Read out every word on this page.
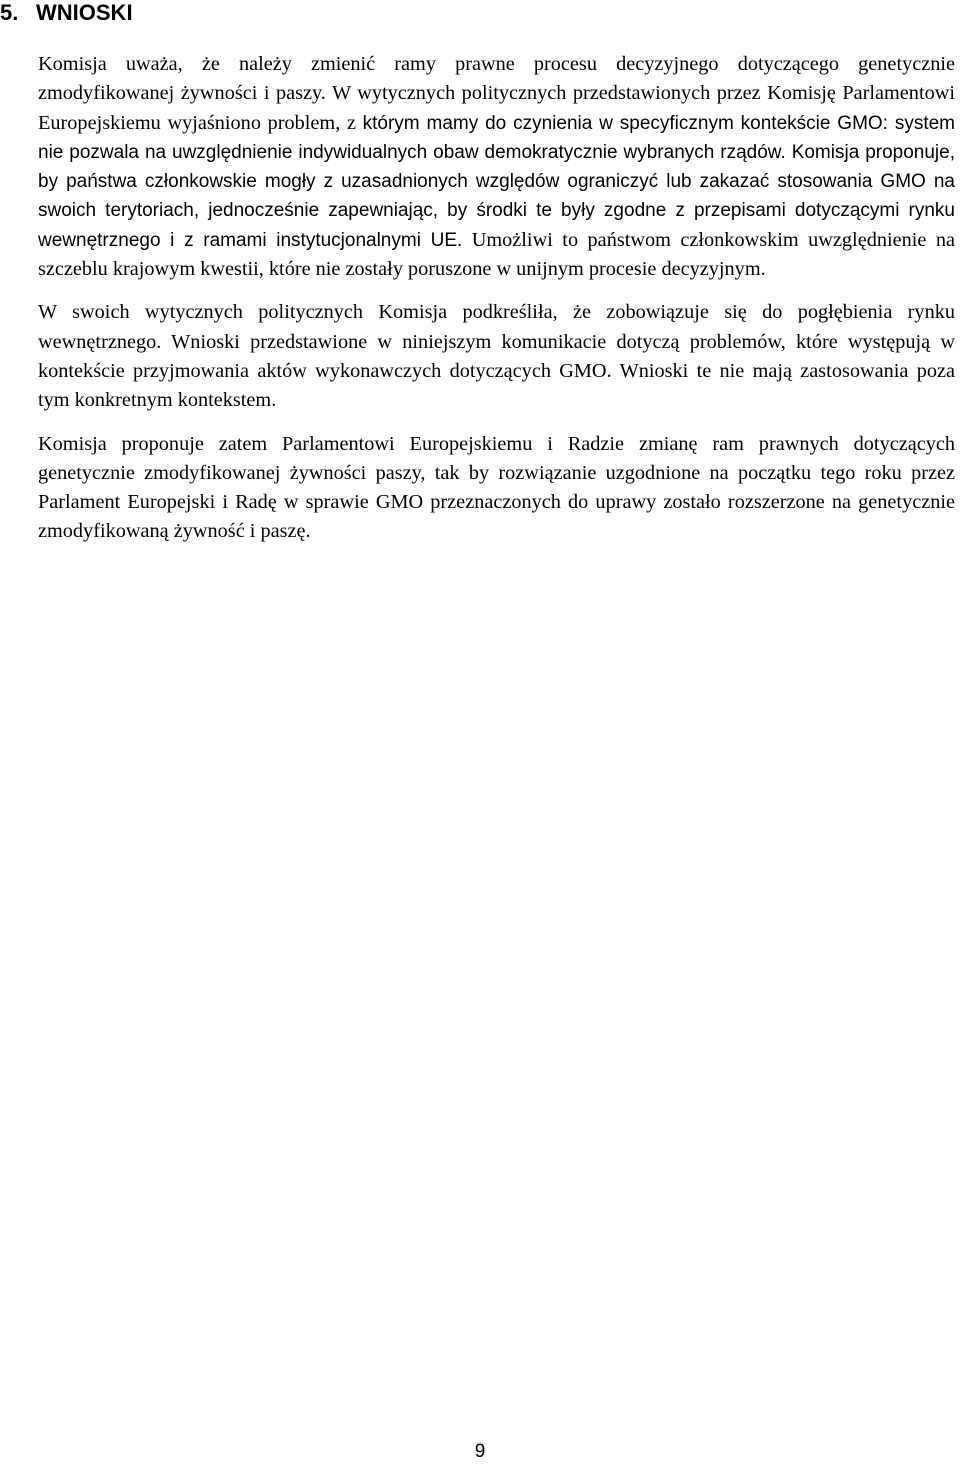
5. WNIOSKI

Komisja uważa, że należy zmienić ramy prawne procesu decyzyjnego dotyczącego genetycznie zmodyfikowanej żywności i paszy. W wytycznych politycznych przedstawionych przez Komisję Parlamentowi Europejskiemu wyjaśniono problem, z którym mamy do czynienia w specyficznym kontekście GMO: system nie pozwala na uwzględnienie indywidualnych obaw demokratycznie wybranych rządów. Komisja proponuje, by państwa członkowskie mogły z uzasadnionych względów ograniczyć lub zakazać stosowania GMO na swoich terytoriach, jednocześnie zapewniając, by środki te były zgodne z przepisami dotyczącymi rynku wewnętrznego i z ramami instytucjonalnymi UE. Umożliwi to państwom członkowskim uwzględnienie na szczeblu krajowym kwestii, które nie zostały poruszone w unijnym procesie decyzyjnym.

W swoich wytycznych politycznych Komisja podkreśliła, że zobowiązuje się do pogłębienia rynku wewnętrznego. Wnioski przedstawione w niniejszym komunikacie dotyczą problemów, które występują w kontekście przyjmowania aktów wykonawczych dotyczących GMO. Wnioski te nie mają zastosowania poza tym konkretnym kontekstem.

Komisja proponuje zatem Parlamentowi Europejskiemu i Radzie zmianę ram prawnych dotyczących genetycznie zmodyfikowanej żywności paszy, tak by rozwiązanie uzgodnione na początku tego roku przez Parlament Europejski i Radę w sprawie GMO przeznaczonych do uprawy zostało rozszerzone na genetycznie zmodyfikowaną żywność i paszę.

9
